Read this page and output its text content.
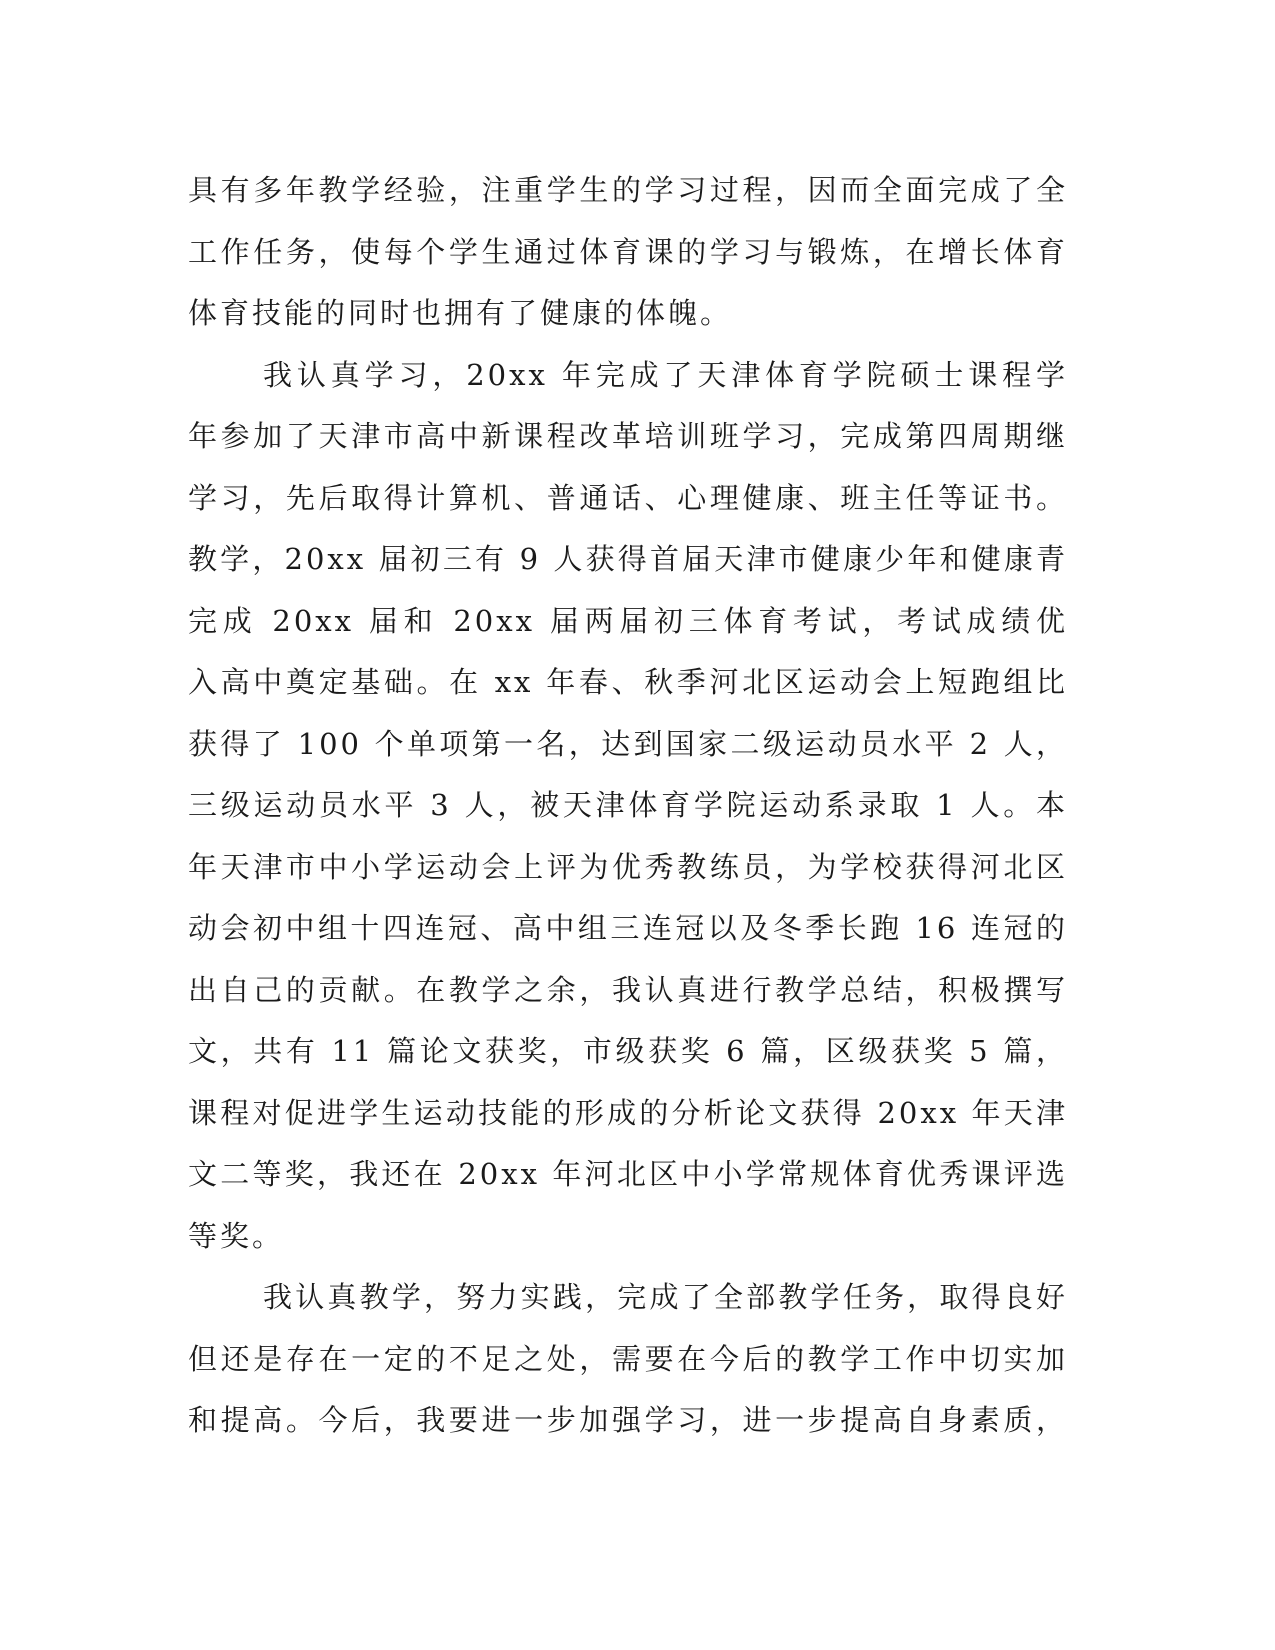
具有多年教学经验，注重学生的学习过程，因而全面完成了全
工作任务，使每个学生通过体育课的学习与锻炼，在增长体育
体育技能的同时也拥有了健康的体魄。
我认真学习，20xx 年完成了天津体育学院硕士课程学
年参加了天津市高中新课程改革培训班学习，完成第四周期继
学习，先后取得计算机、普通话、心理健康、班主任等证书。
教学，20xx 届初三有 9 人获得首届天津市健康少年和健康青
完成 20xx 届和 20xx 届两届初三体育考试，考试成绩优
入高中奠定基础。在 xx 年春、秋季河北区运动会上短跑组比
获得了 100 个单项第一名，达到国家二级运动员水平 2 人，
三级运动员水平 3 人，被天津体育学院运动系录取 1 人。本
年天津市中小学运动会上评为优秀教练员，为学校获得河北区
动会初中组十四连冠、高中组三连冠以及冬季长跑 16 连冠的
出自己的贡献。在教学之余，我认真进行教学总结，积极撰写
文，共有 11 篇论文获奖，市级获奖 6 篇，区级获奖 5 篇，
课程对促进学生运动技能的形成的分析论文获得 20xx 年天津
文二等奖，我还在 20xx 年河北区中小学常规体育优秀课评选
等奖。
我认真教学，努力实践，完成了全部教学任务，取得良好
但还是存在一定的不足之处，需要在今后的教学工作中切实加
和提高。今后，我要进一步加强学习，进一步提高自身素质，
